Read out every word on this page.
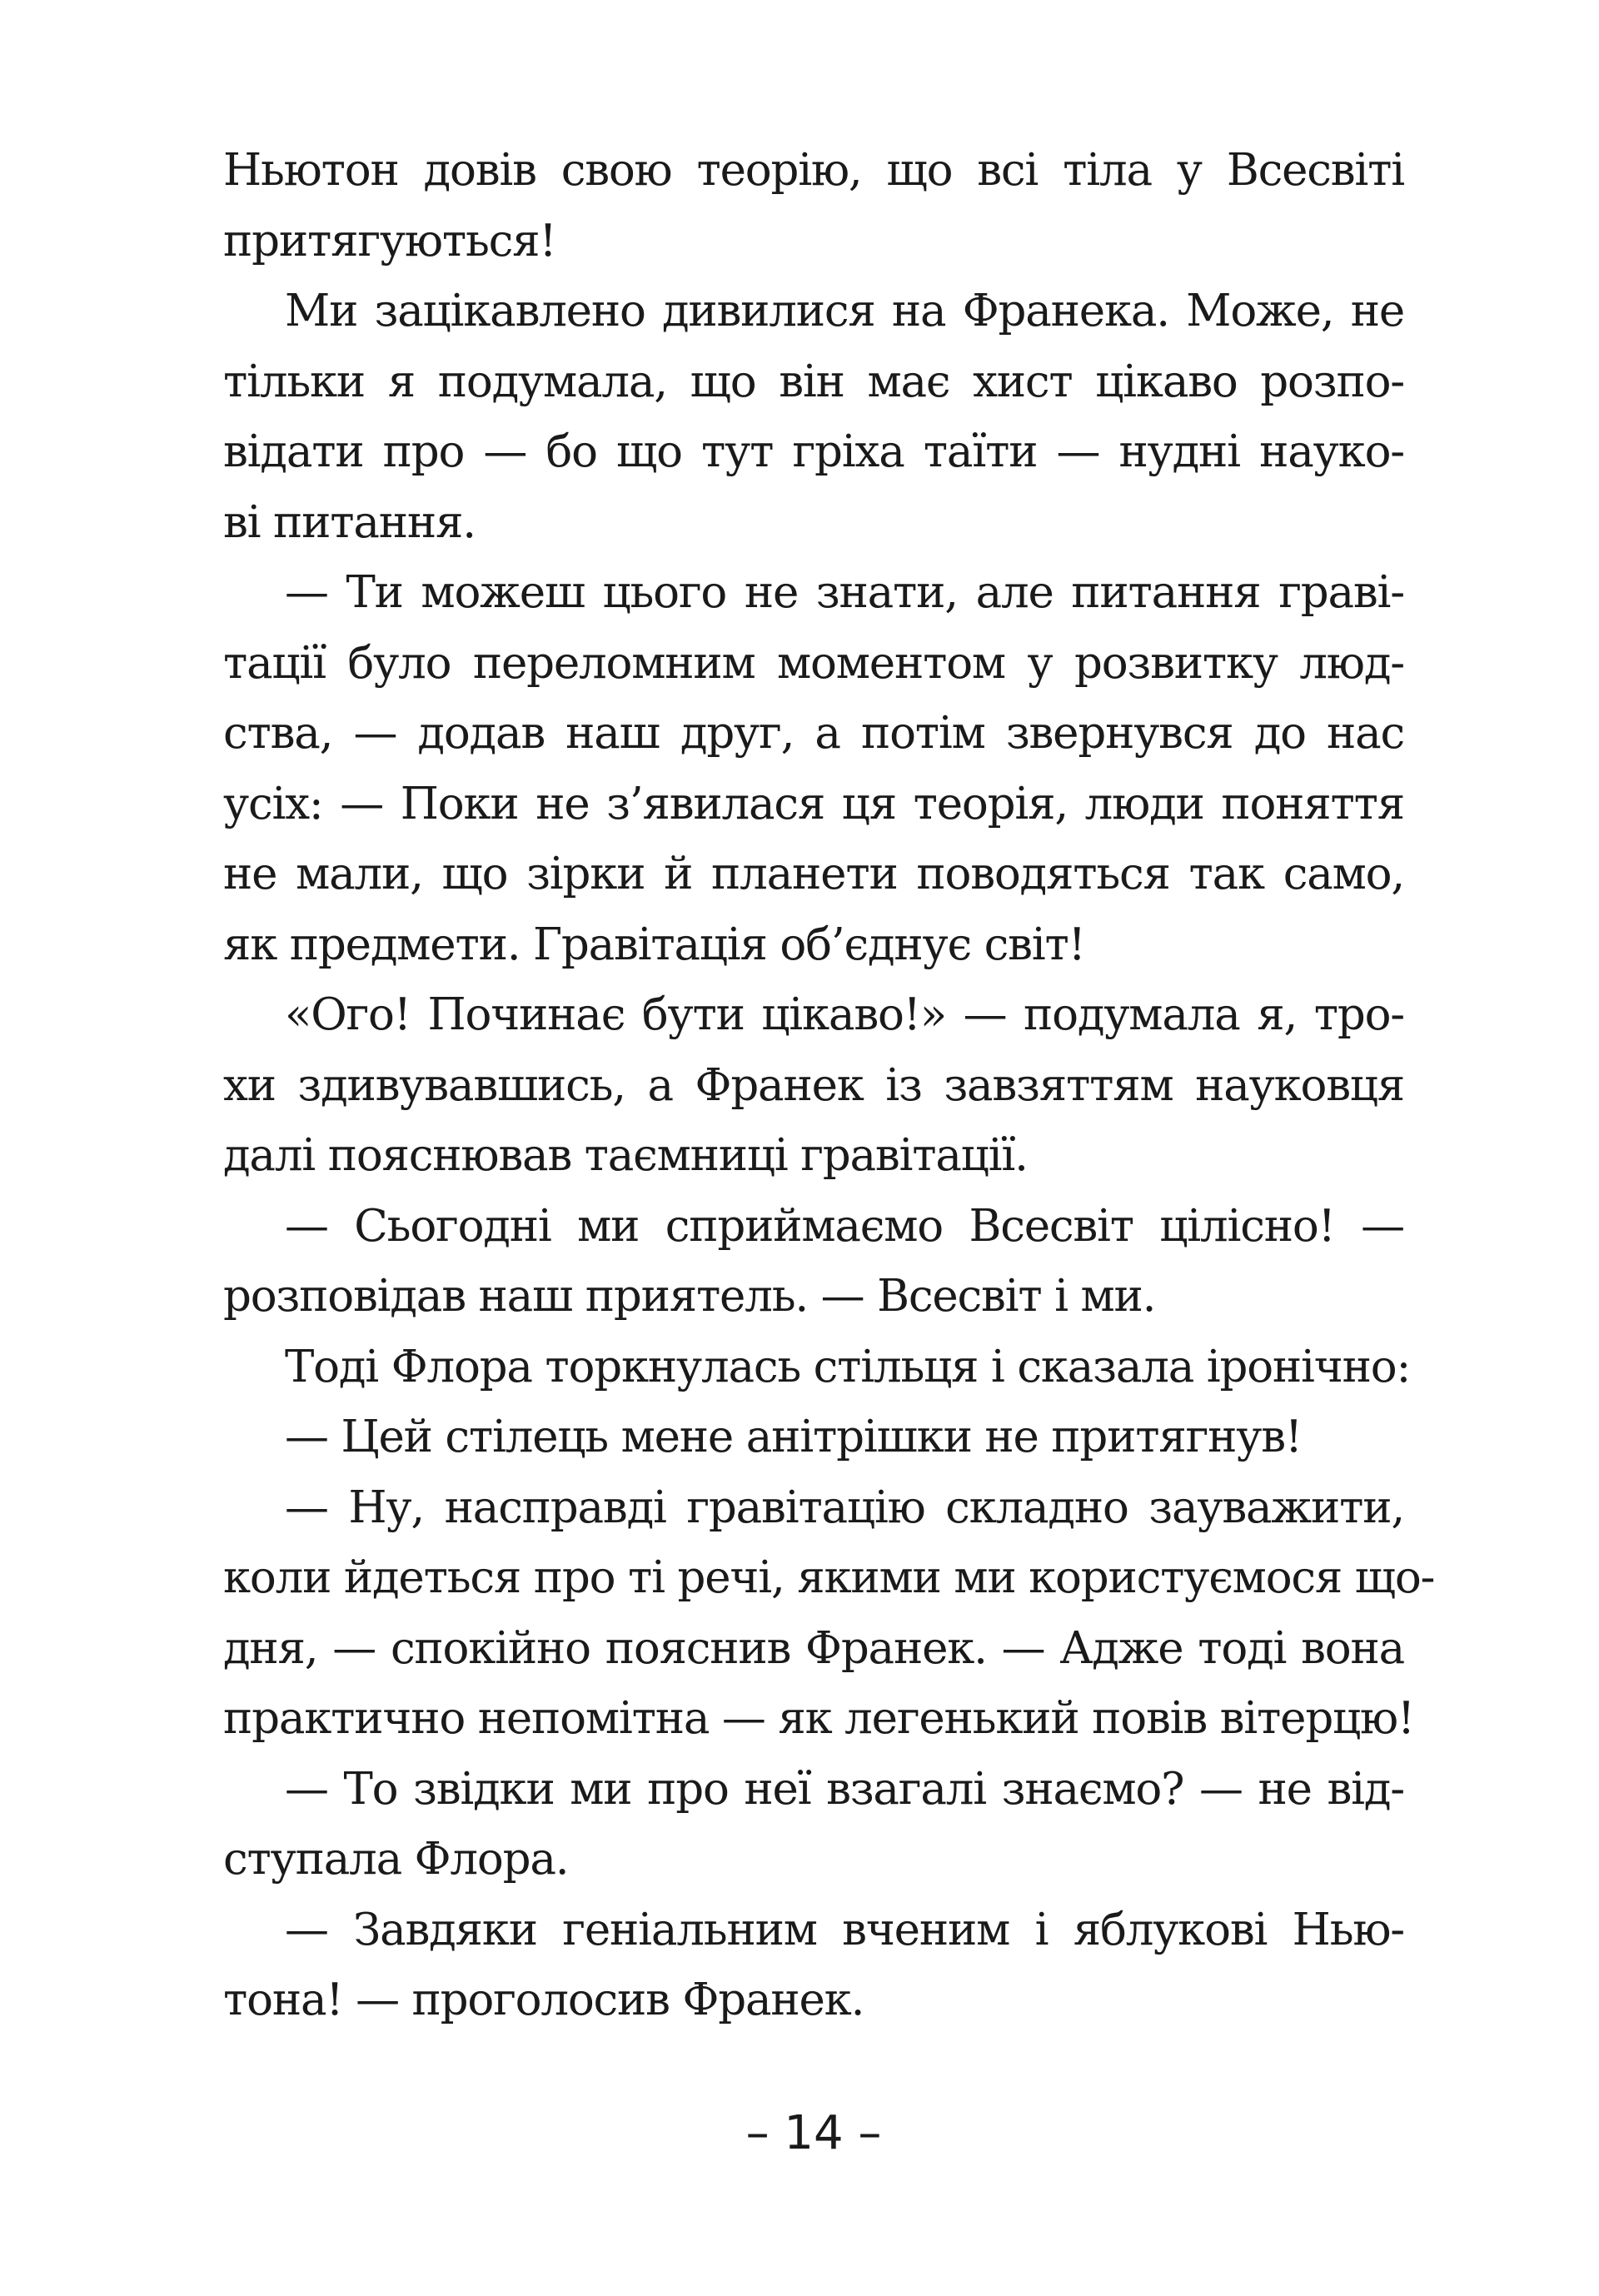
Ньютон довів свою теорію, що всі тіла у Всесвіті
притягуються!
Ми зацікавлено дивилися на Франека. Може, не
тільки я подумала, що він має хист цікаво розпо-
відати про — бо що тут гріха таїти — нудні науко-
ві питання.
— Ти можеш цього не знати, але питання граві-
тації було переломним моментом у розвитку люд-
ства, — додав наш друг, а потім звернувся до нас
усіх: — Поки не з’явилася ця теорія, люди поняття
не мали, що зірки й планети поводяться так само,
як предмети. Гравітація об’єднує світ!
«Ого! Починає бути цікаво!» — подумала я, тро-
хи здивувавшись, а Франек із завзяттям науковця
далі пояснював таємниці гравітації.
— Сьогодні ми сприймаємо Всесвіт цілісно! —
розповідав наш приятель. — Всесвіт і ми.
Тоді Флора торкнулась стільця і сказала іронічно:
— Цей стілець мене анітрішки не притягнув!
— Ну, насправді гравітацію складно зауважити,
коли йдеться про ті речі, якими ми користуємося що-
дня, — спокійно пояснив Франек. — Адже тоді вона
практично непомітна — як легенький повів вітерцю!
— То звідки ми про неї взагалі знаємо? — не від-
ступала Флора.
— Завдяки геніальним вченим і яблукові Нью-
тона! — проголосив Франек.
– 14 –
